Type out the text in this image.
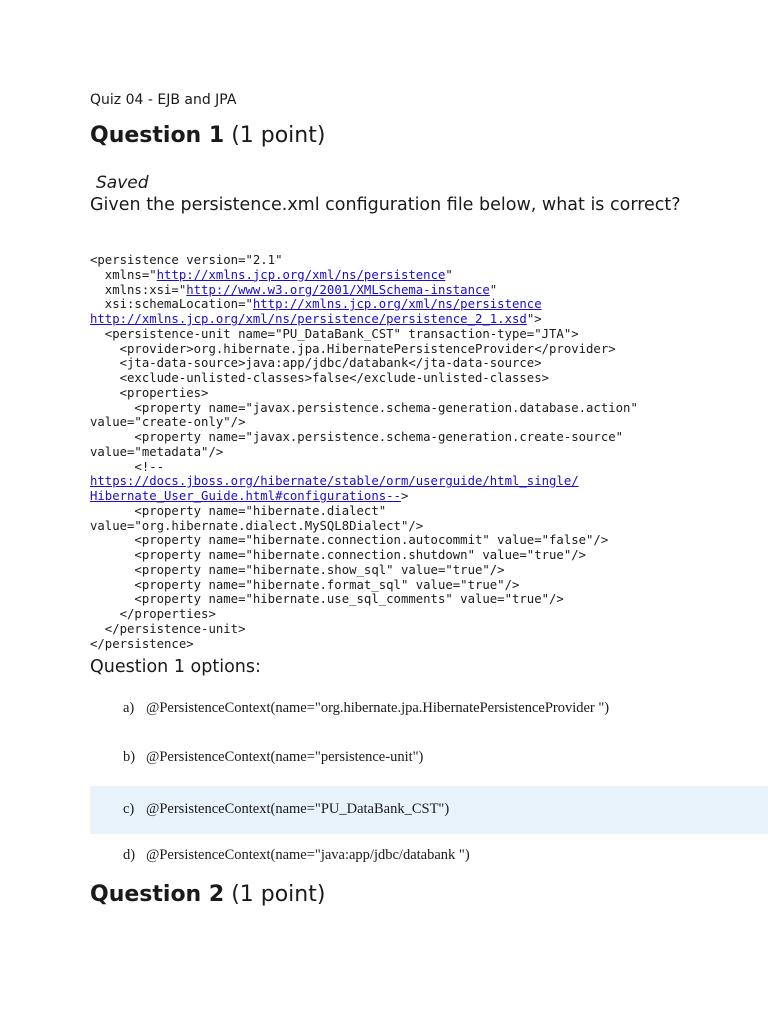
Quiz 04 - EJB and JPA
Question 1 (1 point)
Saved
Given the persistence.xml configuration file below, what is correct?
<persistence version="2.1"
xmlns="http://xmlns.jcp.org/xml/ns/persistence"
xmlns:xsi="http://www.w3.org/2001/XMLSchema-instance"
xsi:schemaLocation="http://xmlns.jcp.org/xml/ns/persistence
http://xmlns.jcp.org/xml/ns/persistence/persistence_2_1.xsd">
<persistence-unit name="PU_DataBank_CST" transaction-type="JTA">
<provider>org.hibernate.jpa.HibernatePersistenceProvider</provider>
<jta-data-source>java:app/jdbc/databank</jta-data-source>
<exclude-unlisted-classes>false</exclude-unlisted-classes>
<properties>
<property name="javax.persistence.schema-generation.database.action"
value="create-only"/>
<property name="javax.persistence.schema-generation.create-source"
value="metadata"/>
<!--
https://docs.jboss.org/hibernate/stable/orm/userguide/html_single/
Hibernate_User_Guide.html#configurations-->
<property name="hibernate.dialect"
value="org.hibernate.dialect.MySQL8Dialect"/>
<property name="hibernate.connection.autocommit" value="false"/>
<property name="hibernate.connection.shutdown" value="true"/>
<property name="hibernate.show_sql" value="true"/>
<property name="hibernate.format_sql" value="true"/>
<property name="hibernate.use_sql_comments" value="true"/>
</properties>
</persistence-unit>
</persistence>
Question 1 options:
a) @PersistenceContext(name="org.hibernate.jpa.HibernatePersistenceProvider ")
b) @PersistenceContext(name="persistence-unit")
c) @PersistenceContext(name="PU_DataBank_CST")
d) @PersistenceContext(name="java:app/jdbc/databank ")
Question 2 (1 point)
